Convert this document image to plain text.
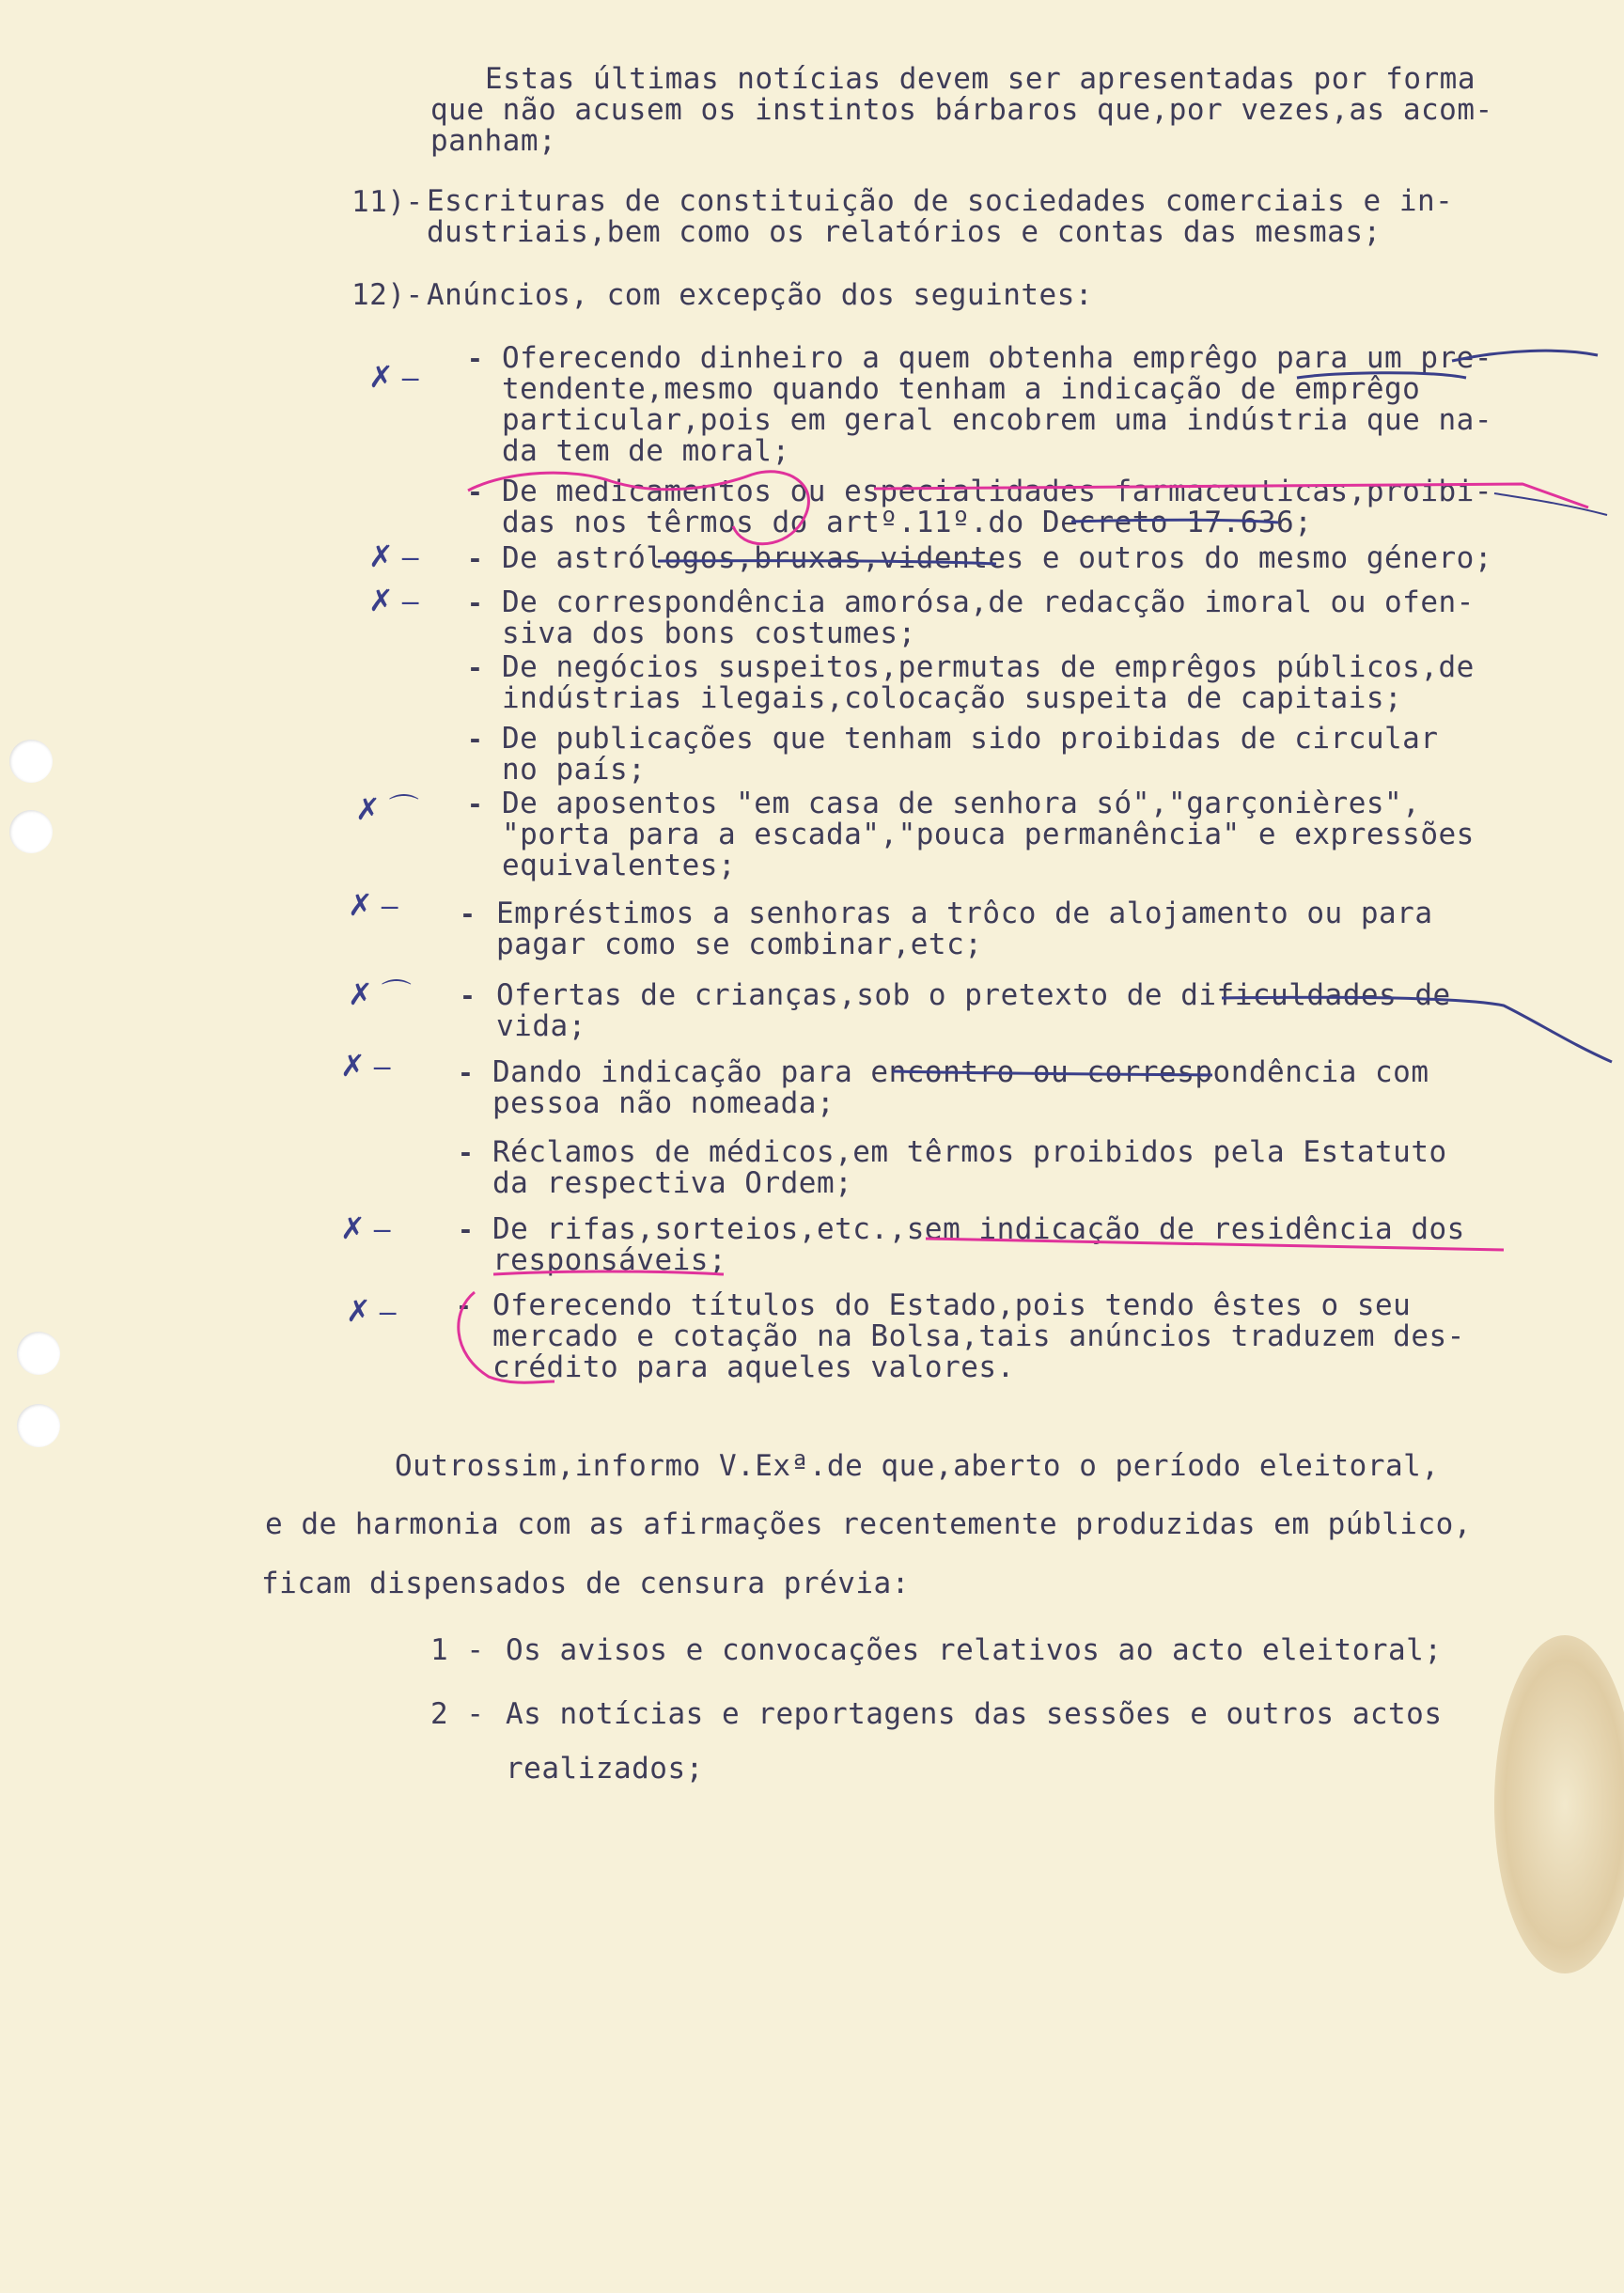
Estas últimas notícias devem ser apresentadas por forma
que não acusem os instintos bárbaros que,por vezes,as acom-
panham;
11)- Escrituras de constituição de sociedades comerciais e in-
dustriais,bem como os relatórios e contas das mesmas;
12)- Anúncios, com excepção dos seguintes:
✗ –
- Oferecendo dinheiro a quem obtenha emprêgo para um pre-
tendente,mesmo quando tenham a indicação de emprêgo
particular,pois em geral encobrem uma indústria que na-
da tem de moral;
- De medicamentos ou especialidades farmaceuticas,proibi-
das nos têrmos do artº.11º.do Decreto 17.636;
✗ – - De astrólogos,bruxas,videntes e outros do mesmo género;
✗ – - De correspondência amorósa,de redacção imoral ou ofen-
siva dos bons costumes;
- De negócios suspeitos,permutas de emprêgos públicos,de
indústrias ilegais,colocação suspeita de capitais;
- De publicações que tenham sido proibidas de circular
no país;
✗ ⌒ - De aposentos "em casa de senhora só","garçonières",
"porta para a escada","pouca permanência" e expressões
equivalentes;
✗ – - Empréstimos a senhoras a trôco de alojamento ou para
pagar como se combinar,etc;
✗ ⌒ - Ofertas de crianças,sob o pretexto de dificuldades de
vida;
✗ –	- Dando indicação para encontro ou correspondência com
pessoa não nomeada;
- Réclamos de médicos,em têrmos proibidos pela Estatuto
da respectiva Ordem;
✗ –	- De rifas,sorteios,etc.,sem indicação de residência dos
responsáveis;
✗ – - Oferecendo títulos do Estado,pois tendo êstes o seu
mercado e cotação na Bolsa,tais anúncios traduzem des-
crédito para aqueles valores.
Outrossim,informo V.Exª.de que,aberto o período eleitoral,
e de harmonia com as afirmações recentemente produzidas em público,
ficam dispensados de censura prévia:
1 - Os avisos e convocações relativos ao acto eleitoral;
2 - As notícias e reportagens das sessões e outros actos
realizados;
